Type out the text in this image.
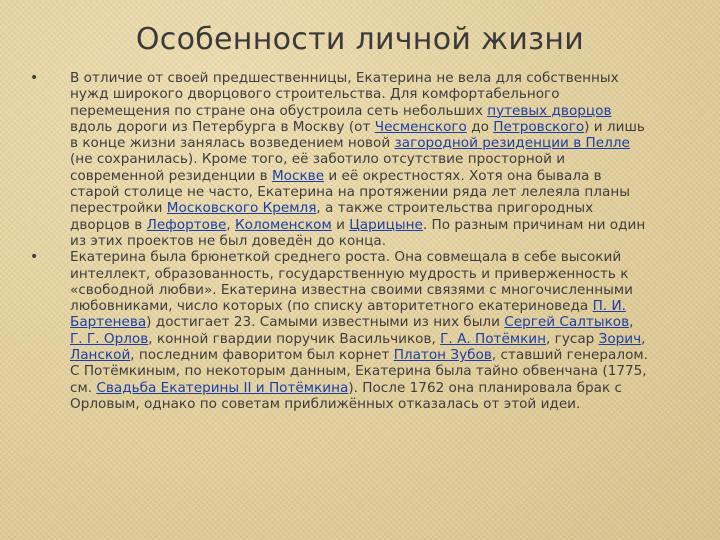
Особенности личной жизни
•	В отличие от своей предшественницы, Екатерина не вела для собственных нужд широкого дворцового строительства. Для комфортабельного перемещения по стране она обустроила сеть небольших путевых дворцов вдоль дороги из Петербурга в Москву (от Чесменского до Петровского) и лишь в конце жизни занялась возведением новой загородной резиденции в Пелле (не сохранилась). Кроме того, её заботило отсутствие просторной и современной резиденции в Москве и её окрестностях. Хотя она бывала в старой столице не часто, Екатерина на протяжении ряда лет лелеяла планы перестройки Московского Кремля, а также строительства пригородных дворцов в Лефортове, Коломенском и Царицыне. По разным причинам ни один из этих проектов не был доведён до конца.
•	Екатерина была брюнеткой среднего роста. Она совмещала в себе высокий интеллект, образованность, государственную мудрость и приверженность к «свободной любви». Екатерина известна своими связями с многочисленными любовниками, число которых (по списку авторитетного екатериноведа П. И. Бартенева) достигает 23. Самыми известными из них были Сергей Салтыков, Г. Г. Орлов, конной гвардии поручик Васильчиков, Г. А. Потёмкин, гусар Зорич, Ланской, последним фаворитом был корнет Платон Зубов, ставший генералом. С Потёмкиным, по некоторым данным, Екатерина была тайно обвенчана (1775, см. Свадьба Екатерины II и Потёмкина). После 1762 она планировала брак с Орловым, однако по советам приближённых отказалась от этой идеи.
